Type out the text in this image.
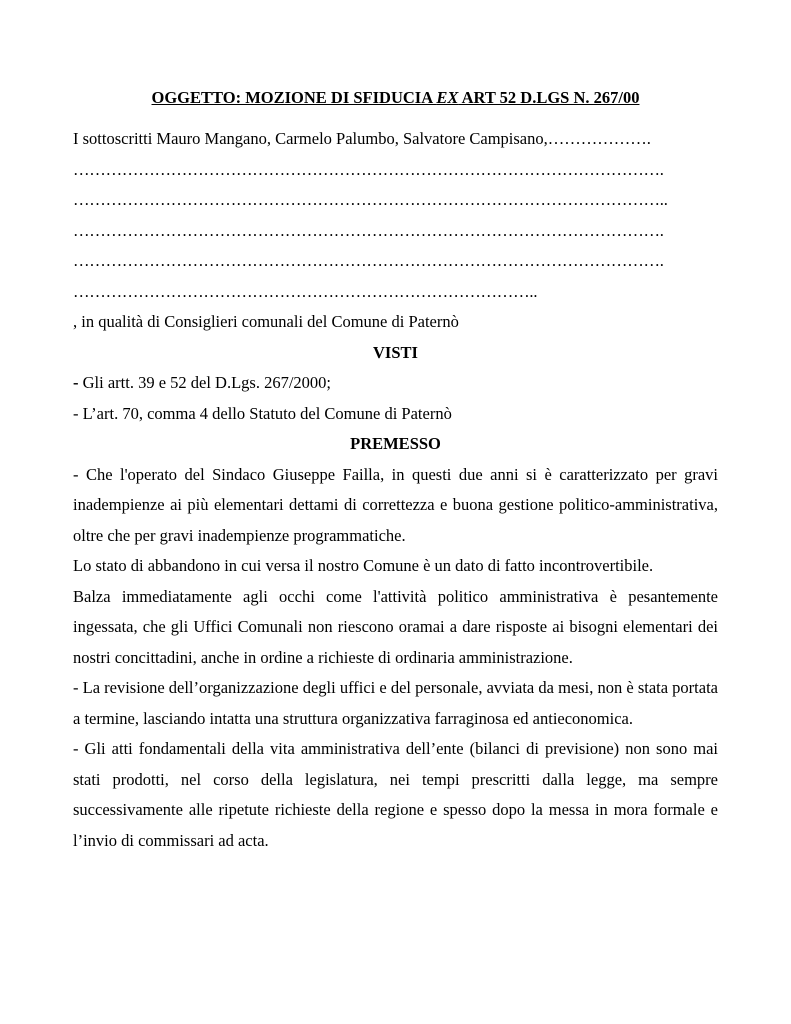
OGGETTO: MOZIONE DI SFIDUCIA EX ART 52 D.LGS N. 267/00

I sottoscritti Mauro Mangano, Carmelo Palumbo, Salvatore Campisano,……………….

……………………………………………………………………………………………….

………………………………………………………………………………………………..

……………………………………………………………………………………………….

……………………………………………………………………………………………….

…………………………………………………………………………..

, in qualità di Consiglieri comunali del Comune di Paternò

VISTI

- Gli artt. 39 e 52 del D.Lgs. 267/2000;

- L’art. 70, comma 4 dello Statuto del Comune di Paternò

PREMESSO

- Che l'operato del Sindaco Giuseppe Failla, in questi due anni si è caratterizzato per gravi inadempienze ai più elementari dettami di correttezza e buona gestione politico-amministrativa, oltre che per gravi inadempienze programmatiche.

Lo stato di abbandono in cui versa il nostro Comune è un dato di fatto incontrovertibile.

Balza immediatamente agli occhi come l'attività politico amministrativa è pesantemente ingessata, che gli Uffici Comunali non riescono oramai a dare risposte ai bisogni elementari dei nostri concittadini, anche in ordine a richieste di ordinaria amministrazione.

- La revisione dell’organizzazione degli uffici e del personale, avviata da mesi, non è stata portata a termine, lasciando intatta una struttura organizzativa farraginosa ed antieconomica.

- Gli atti fondamentali della vita amministrativa dell’ente (bilanci di previsione) non sono mai stati prodotti, nel corso della legislatura, nei tempi prescritti dalla legge, ma sempre successivamente alle ripetute richieste della regione e spesso dopo la messa in mora formale e l’invio di commissari ad acta.
